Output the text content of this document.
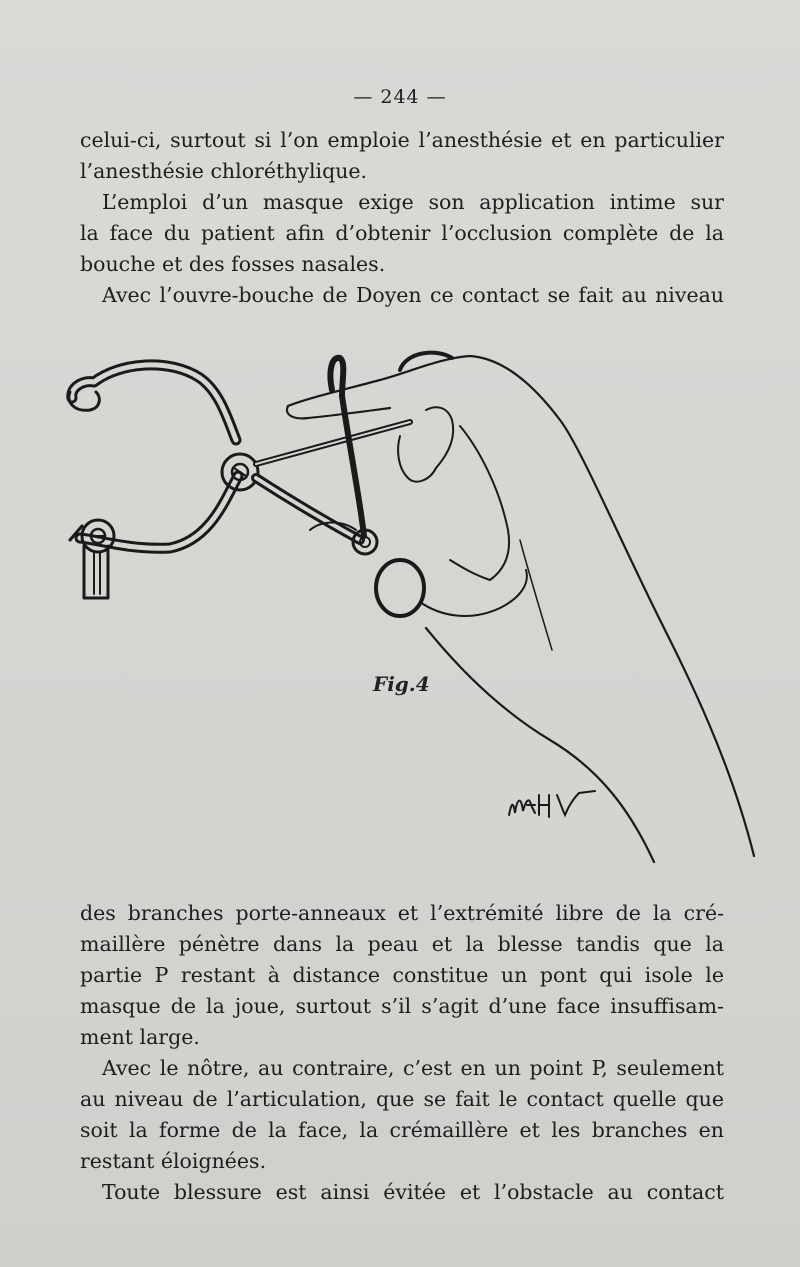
— 244 —
celui-ci, surtout si l’on emploie l’anesthésie et en particulier
l’anesthésie chloréthylique.
L’emploi d’un masque exige son application intime sur
la face du patient afin d’obtenir l’occlusion complète de la
bouche et des fosses nasales.
Avec l’ouvre-bouche de Doyen ce contact se fait au niveau
Fig.4
des branches porte-anneaux et l’extrémité libre de la cré-
maillère pénètre dans la peau et la blesse tandis que la
partie P restant à distance constitue un pont qui isole le
masque de la joue, surtout s’il s’agit d’une face insuffisam-
ment large.
Avec le nôtre, au contraire, c’est en un point P, seulement
au niveau de l’articulation, que se fait le contact quelle que
soit la forme de la face, la crémaillère et les branches en
restant éloignées.
Toute blessure est ainsi évitée et l’obstacle au contact
